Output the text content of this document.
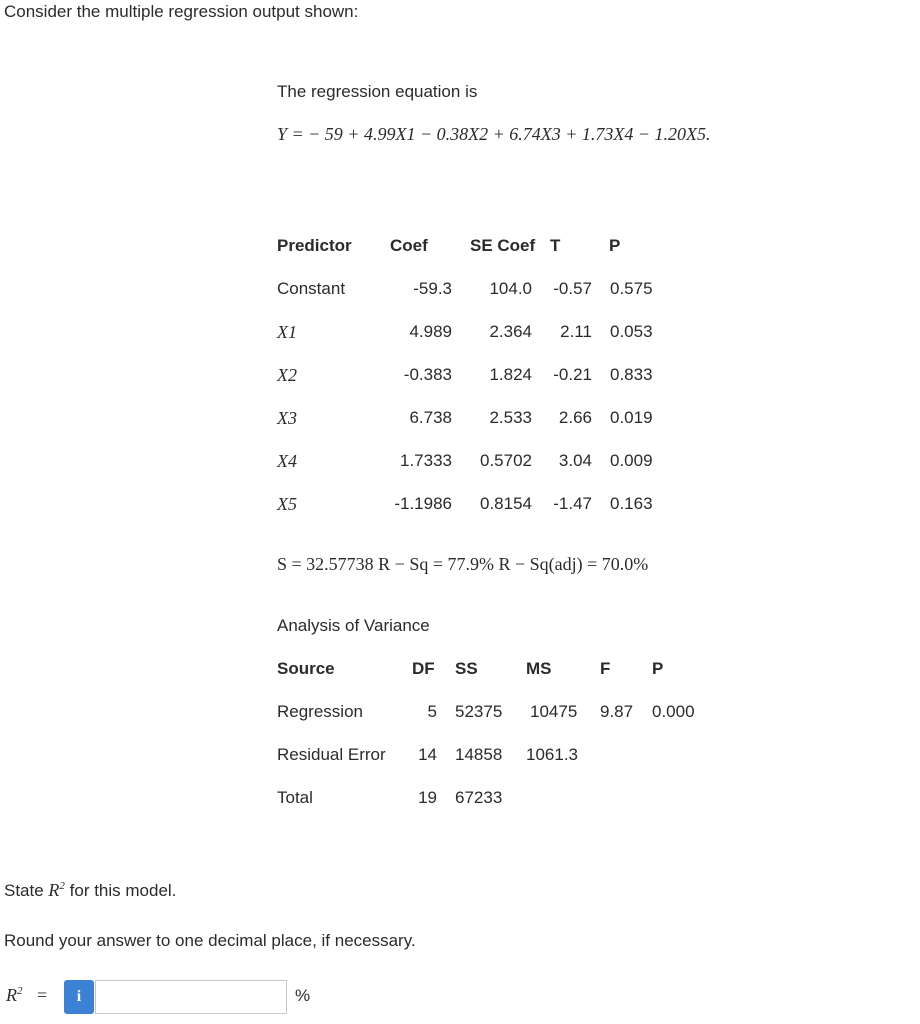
Consider the multiple regression output shown:
The regression equation is
Y = − 59 + 4.99X1 − 0.38X2 + 6.74X3 + 1.73X4 − 1.20X5.
Predictor Coef SE Coef T	P
Constant	-59.3	104.0	-0.57 0.575
X1	4.989	2.364	2.11 0.053
X2	-0.383	1.824	-0.21 0.833
X3	6.738	2.533	2.66 0.019
X4	1.7333	0.5702	3.04 0.009
X5	-1.1986	0.8154	-1.47 0.163
S = 32.57738 R − Sq = 77.9% R − Sq(adj) = 70.0%
Analysis of Variance
Source	DF SS	MS	F P
Regression	5 52375 10475 9.87 0.000
Residual Error	14 14858 1061.3
Total	19 67233
State $R^2$ for this model.
Round your answer to one decimal place, if necessary.
$R^2$ =	i	%
